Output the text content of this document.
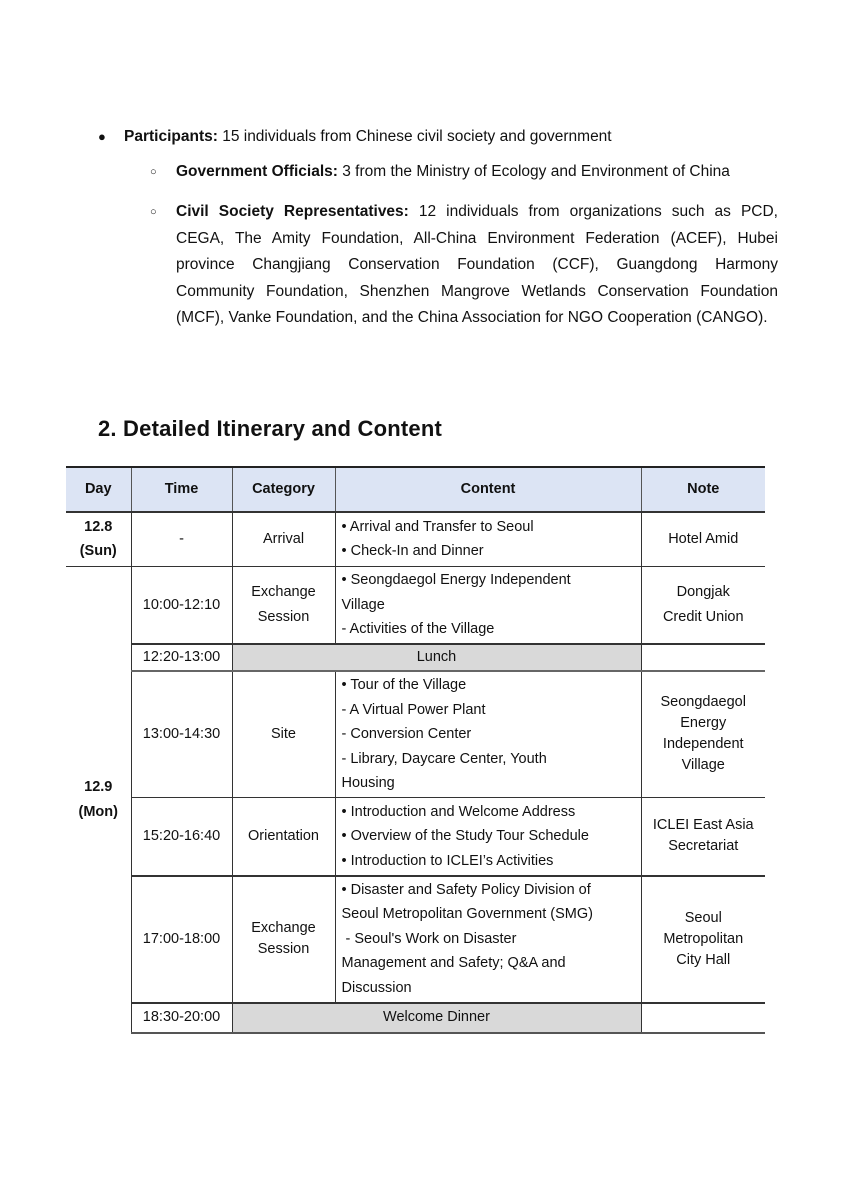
● Participants: 15 individuals from Chinese civil society and government
○ Government Officials: 3 from the Ministry of Ecology and Environment of China
○ Civil Society Representatives: 12 individuals from organizations such as PCD, CEGA, The Amity Foundation, All-China Environment Federation (ACEF), Hubei province Changjiang Conservation Foundation (CCF), Guangdong Harmony Community Foundation, Shenzhen Mangrove Wetlands Conservation Foundation (MCF), Vanke Foundation, and the China Association for NGO Cooperation (CANGO).
2. Detailed Itinerary and Content
Day	Time	Category	Content	Note

12.8
(Sun)	-	Arrival	• Arrival and Transfer to Seoul
• Check-In and Dinner	Hotel Amid

12.9
(Mon)	10:00-12:10	Exchange
Session	• Seongdaegol Energy Independent
Village
- Activities of the Village	Dongjak
Credit Union

	12:20-13:00	Lunch		
	13:00-14:30	Site	• Tour of the Village
- A Virtual Power Plant
- Conversion Center
- Library, Daycare Center, Youth
Housing	Seongdaegol
Energy
Independent
Village

	15:20-16:40	Orientation	• Introduction and Welcome Address
• Overview of the Study Tour Schedule
• Introduction to ICLEI’s Activities	ICLEI East Asia
Secretariat

	17:00-18:00	Exchange
Session	• Disaster and Safety Policy Division of
Seoul Metropolitan Government (SMG)
- Seoul's Work on Disaster
Management and Safety; Q&A and
Discussion	Seoul
Metropolitan
City Hall

	18:30-20:00	Welcome Dinner		
